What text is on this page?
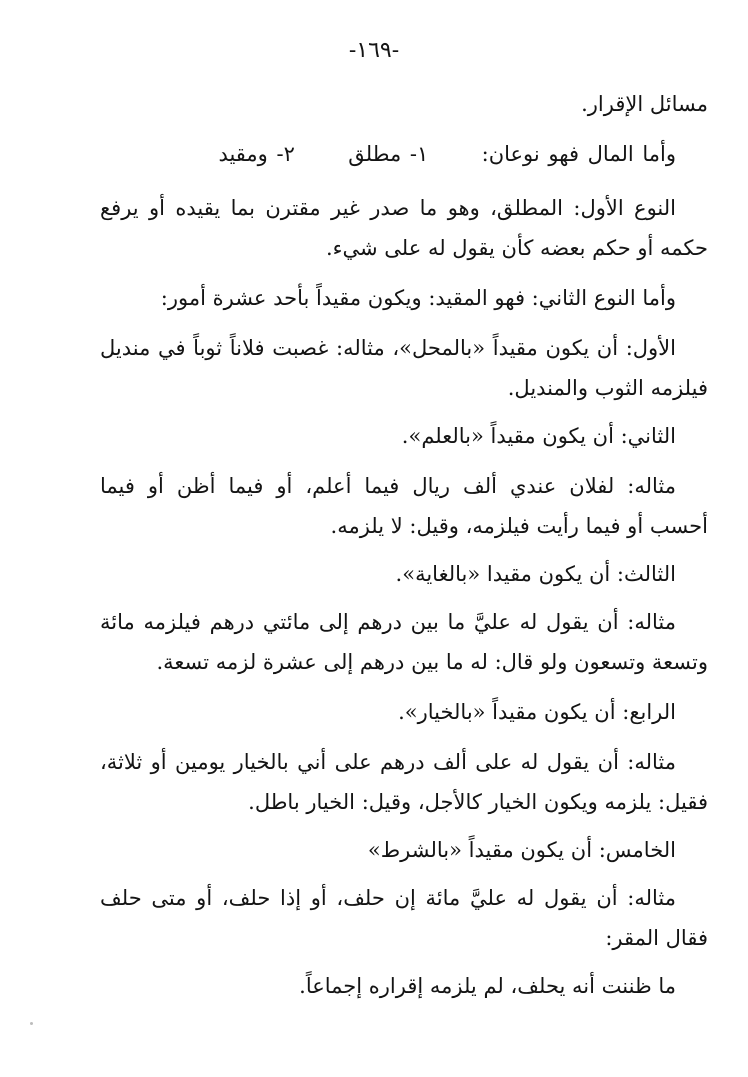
-١٦٩-
مسائل الإقرار.
وأما المال فهو نوعان:  ١- مطلق  ٢- ومقيد
النوع الأول: المطلق، وهو ما صدر غير مقترن بما يقيده أو يرفع
حكمه أو حكم بعضه كأن يقول له على شيء.
وأما النوع الثاني: فهو المقيد: ويكون مقيداً بأحد عشرة أمور:
الأول: أن يكون مقيداً «بالمحل»، مثاله: غصبت فلاناً ثوباً في منديل
فيلزمه الثوب والمنديل.
الثاني: أن يكون مقيداً «بالعلم».
مثاله: لفلان عندي ألف ريال فيما أعلم، أو فيما أظن أو فيما
أحسب أو فيما رأيت فيلزمه، وقيل: لا يلزمه.
الثالث: أن يكون مقيدا «بالغاية».
مثاله: أن يقول له عليَّ ما بين درهم إلى مائتي درهم فيلزمه مائة
وتسعة وتسعون ولو قال: له ما بين درهم إلى عشرة لزمه تسعة.
الرابع: أن يكون مقيداً «بالخيار».
مثاله: أن يقول له على ألف درهم على أني بالخيار يومين أو ثلاثة،
فقيل: يلزمه ويكون الخيار كالأجل، وقيل: الخيار باطل.
الخامس: أن يكون مقيداً «بالشرط»
مثاله: أن يقول له عليَّ مائة إن حلف، أو إذا حلف، أو متى حلف
فقال المقر:
ما ظننت أنه يحلف، لم يلزمه إقراره إجماعاً.
